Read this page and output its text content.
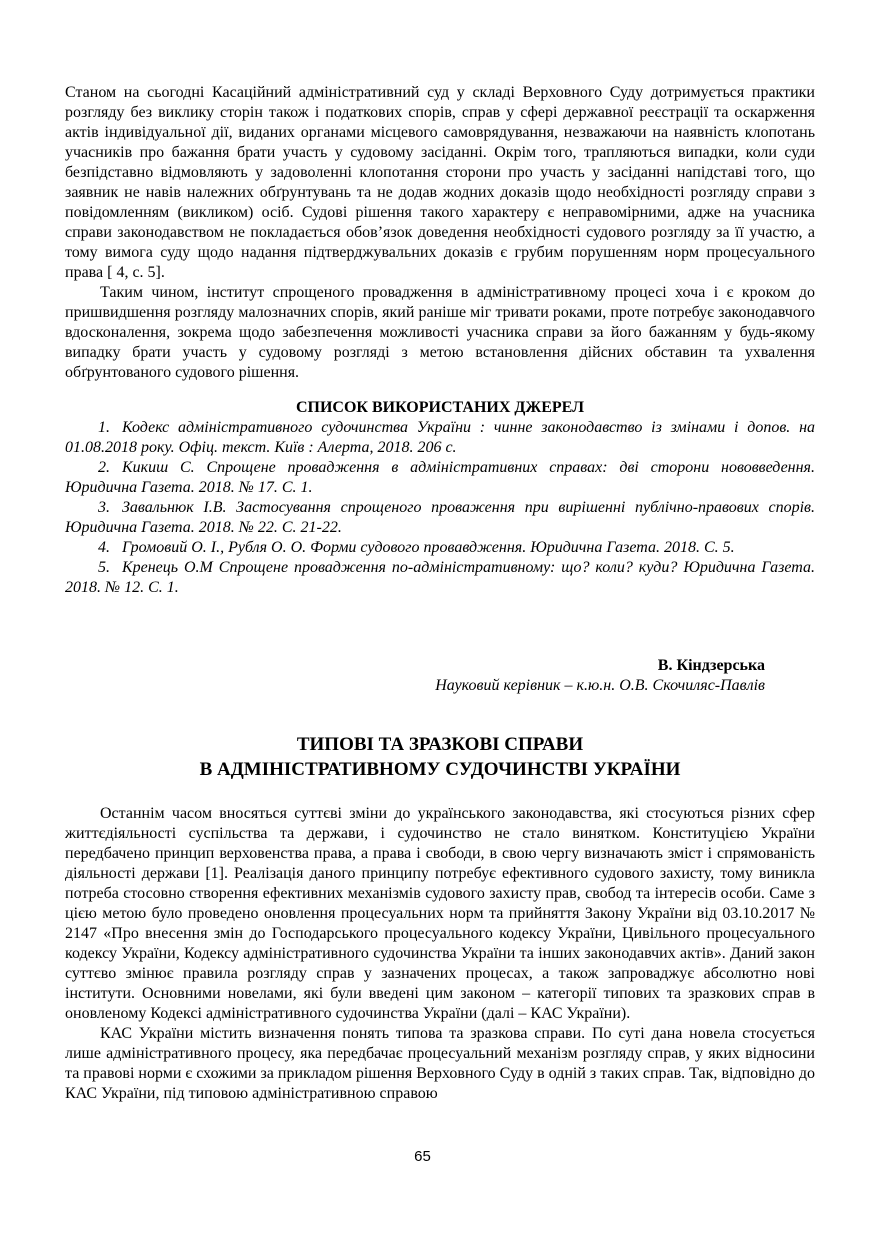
Станом на сьогодні Касаційний адміністративний суд у складі Верховного Суду дотримується практики розгляду без виклику сторін також і податкових спорів, справ у сфері державної реєстрації та оскарження актів індивідуальної дії, виданих органами місцевого самоврядування, незважаючи на наявність клопотань учасників про бажання брати участь у судовому засіданні. Окрім того, трапляються випадки, коли суди безпідставно відмовляють у задоволенні клопотання сторони про участь у засіданні напідставі того, що заявник не навів належних обґрунтувань та не додав жодних доказів щодо необхідності розгляду справи з повідомленням (викликом) осіб. Судові рішення такого характеру є неправомірними, адже на учасника справи законодавством не покладається обов’язок доведення необхідності судового розгляду за її участю, а тому вимога суду щодо надання підтверджувальних доказів є грубим порушенням норм процесуального права [ 4, с. 5].

Таким чином, інститут спрощеного провадження в адміністративному процесі хоча і є кроком до пришвидшення розгляду малозначних спорів, який раніше міг тривати роками, проте потребує законодавчого вдосконалення, зокрема щодо забезпечення можливості учасника справи за його бажанням у будь-якому випадку брати участь у судовому розгляді з метою встановлення дійсних обставин та ухвалення обґрунтованого судового рішення.

СПИСОК ВИКОРИСТАНИХ ДЖЕРЕЛ

1. Кодекс адміністративного судочинства України : чинне законодавство із змінами і допов. на 01.08.2018 року. Офіц. текст. Київ : Алерта, 2018. 206 с.

2. Кикиш С. Спрощене провадження в адміністративних справах: дві сторони нововведення. Юридична Газета. 2018. № 17. С. 1.

3. Завальнюк І.В. Застосування спрощеного проваження при вирішенні публічно-правових спорів. Юридична Газета. 2018. № 22. С. 21-22.

4. Громовий О. І., Рубля О. О. Форми судового провавдження. Юридична Газета. 2018. С. 5.

5. Кренець О.М Спрощене провадження по-адміністративному: що? коли? куди? Юридична Газета. 2018. № 12. С. 1.

В. Кіндзерська
Науковий керівник – к.ю.н. О.В. Скочиляс-Павлів
ТИПОВІ ТА ЗРАЗКОВІ СПРАВИ
В АДМІНІСТРАТИВНОМУ СУДОЧИНСТВІ УКРАЇНИ

Останнім часом вносяться суттєві зміни до українського законодавства, які стосуються різних сфер життєдіяльності суспільства та держави, і судочинство не стало винятком. Конституцією України передбачено принцип верховенства права, а права і свободи, в свою чергу визначають зміст і спрямованість діяльності держави [1]. Реалізація даного принципу потребує ефективного судового захисту, тому виникла потреба стосовно створення ефективних механізмів судового захисту прав, свобод та інтересів особи. Саме з цією метою було проведено оновлення процесуальних норм та прийняття Закону України від 03.10.2017 № 2147 «Про внесення змін до Господарського процесуального кодексу України, Цивільного процесуального кодексу України, Кодексу адміністративного судочинства України та інших законодавчих актів». Даний закон суттєво змінює правила розгляду справ у зазначених процесах, а також запроваджує абсолютно нові інститути. Основними новелами, які були введені цим законом – категорії типових та зразкових справ в оновленому Кодексі адміністративного судочинства України (далі – КАС України).

КАС України містить визначення понять типова та зразкова справи. По суті дана новела стосується лише адміністративного процесу, яка передбачає процесуальний механізм розгляду справ, у яких відносини та правові норми є схожими за прикладом рішення Верховного Суду в одній з таких справ. Так, відповідно до КАС України, під типовою адміністративною справою

65
